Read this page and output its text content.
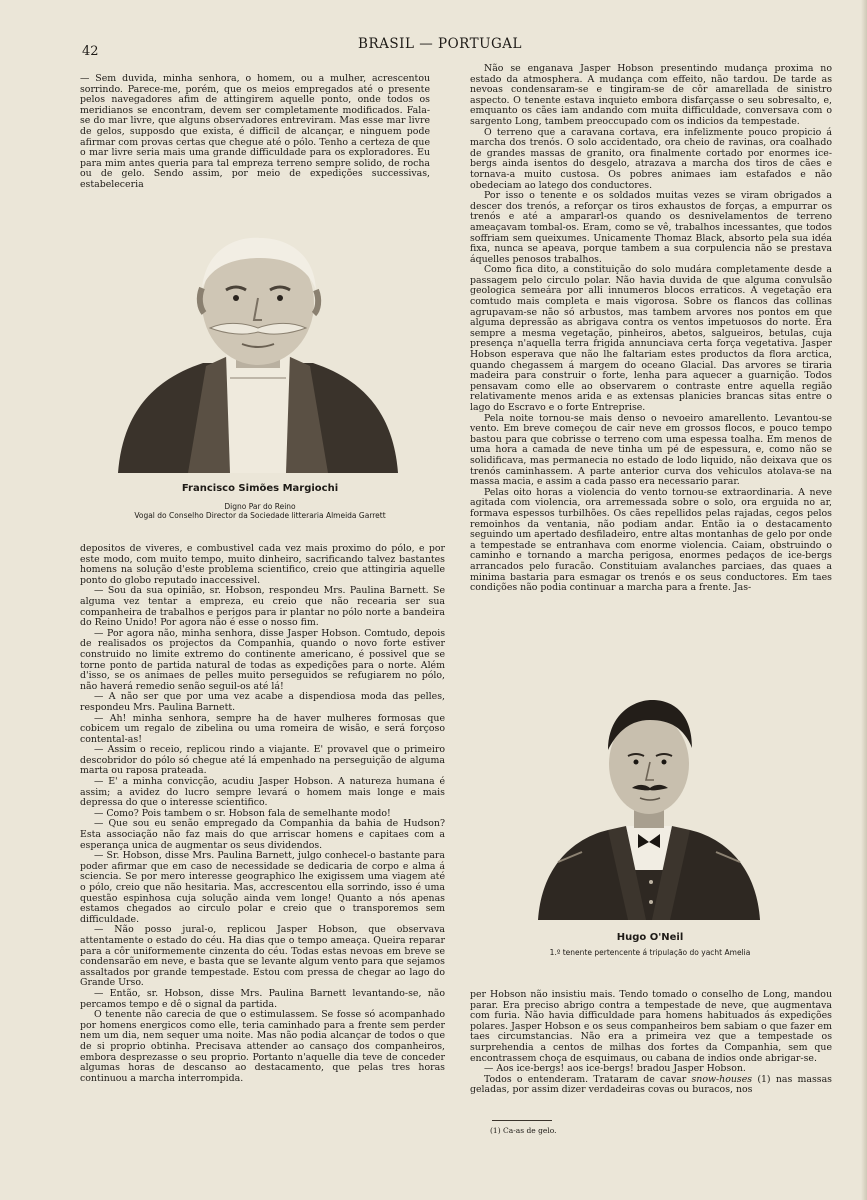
42	BRASIL — PORTUGAL

— Sem duvida, minha senhora, o homem, ou a mulher, acrescentou sorrindo. Parece-me, porém, que os meios empregados até o presente pelos navegadores afim de attingirem aquelle ponto, onde todos os meridianos se encontram, devem ser completamente modificados. Fala-se do mar livre, que alguns observadores entreviram. Mas esse mar livre de gelos, supposdo que exista, é difficil de alcançar, e ninguem pode afirmar com provas certas que chegue até o pólo. Tenho a certeza de que o mar livre seria mais uma grande difficuldade para os exploradores. Eu para mim antes queria para tal empreza terreno sempre solido, de rocha ou de gelo. Sendo assim, por meio de expedições successivas, estabeleceria

Francisco Simões Margiochi
Digno Par do Reino
Vogal do Conselho Director da Sociedade litteraria Almeida Garrett

depositos de viveres, e combustivel cada vez mais proximo do pólo, e por este modo, com muito tempo, muito dinheiro, sacrificando talvez bastantes homens na solução d'este problema scientifico, creio que attingiria aquelle ponto do globo reputado inaccessivel.

— Sou da sua opinião, sr. Hobson, respondeu Mrs. Paulina Barnett. Se alguma vez tentar a empreza, eu creio que não recearia ser sua companheira de trabalhos e perigos para ir plantar no pólo norte a bandeira do Reino Unido! Por agora não é esse o nosso fim.

— Por agora não, minha senhora, disse Jasper Hobson. Comtudo, depois de realisados os projectos da Companhia, quando o novo forte estiver construido no limite extremo do continente americano, é possivel que se torne ponto de partida natural de todas as expedições para o norte. Além d'isso, se os animaes de pelles muito perseguidos se refugiarem no pólo, não haverá remedio senão seguil-os até lá!

— A não ser que por uma vez acabe a dispendiosa moda das pelles, respondeu Mrs. Paulina Barnett.

— Ah! minha senhora, sempre ha de haver mulheres formosas que cobicem um regalo de zibelina ou uma romeira de wisão, e será forçoso contental-as!

— Assim o receio, replicou rindo a viajante. E' provavel que o primeiro descobridor do pólo só chegue até lá empenhado na perseguição de alguma marta ou raposa prateada.

— E' a minha convicção, acudiu Jasper Hobson. A natureza humana é assim; a avidez do lucro sempre levará o homem mais longe e mais depressa do que o interesse scientifico.

— Como? Pois tambem o sr. Hobson fala de semelhante modo!

— Que sou eu senão empregado da Companhia da bahia de Hudson? Esta associação não faz mais do que arriscar homens e capitaes com a esperança unica de augmentar os seus dividendos.

— Sr. Hobson, disse Mrs. Paulina Barnett, julgo conhecel-o bastante para poder afirmar que em caso de necessidade se dedicaria de corpo e alma á sciencia. Se por mero interesse geographico lhe exigissem uma viagem até o pólo, creio que não hesitaria. Mas, accrescentou ella sorrindo, isso é uma questão espinhosa cuja solução ainda vem longe! Quanto a nós apenas estamos chegados ao circulo polar e creio que o transporemos sem difficuldade.

— Não posso jural-o, replicou Jasper Hobson, que observava attentamente o estado do céu. Ha dias que o tempo ameaça. Queira reparar para a côr uniformemente cinzenta do céu. Todas estas nevoas em breve se condensarão em neve, e basta que se levante algum vento para que sejamos assaltados por grande tempestade. Estou com pressa de chegar ao lago do Grande Urso.

— Então, sr. Hobson, disse Mrs. Paulina Barnett levantando-se, não percamos tempo e dê o signal da partida.

O tenente não carecia de que o estimulassem. Se fosse só acompanhado por homens energicos como elle, teria caminhado para a frente sem perder nem um dia, nem sequer uma noite. Mas não podia alcançar de todos o que de si proprio obtinha. Precisava attender ao cansaço dos companheiros, embora desprezasse o seu proprio. Portanto n'aquelle dia teve de conceder algumas horas de descanso ao destacamento, que pelas tres horas continuou a marcha interrompida.

Não se enganava Jasper Hobson presentindo mudança proxima no estado da atmosphera. A mudança com effeito, não tardou. De tarde as nevoas condensaram-se e tingiram-se de côr amarellada de sinistro aspecto. O tenente estava inquieto embora disfarçasse o seu sobresalto, e, emquanto os cães iam andando com muita difficuldade, conversava com o sargento Long, tambem preoccupado com os indicios da tempestade.

O terreno que a caravana cortava, era infelizmente pouco propicio á marcha dos trenós. O solo accidentado, ora cheio de ravinas, ora coalhado de grandes massas de granito, ora finalmente cortado por enormes ice-bergs ainda isentos do desgelo, atrazava a marcha dos tiros de cães e tornava-a muito custosa. Os pobres animaes iam estafados e não obedeciam ao latego dos conductores.

Por isso o tenente e os soldados muitas vezes se viram obrigados a descer dos trenós, a reforçar os tiros exhaustos de forças, a empurrar os trenós e até a ampararl-os quando os desnivelamentos de terreno ameaçavam tombal-os. Eram, como se vê, trabalhos incessantes, que todos soffriam sem queixumes. Unicamente Thomaz Black, absorto pela sua idéa fixa, nunca se apeava, porque tambem a sua corpulencia não se prestava áquelles penosos trabalhos.

Como fica dito, a constituição do solo mudára completamente desde a passagem pelo circulo polar. Não havia duvida de que alguma convulsão geologica semeára por alli innumeros blocos erraticos. A vegetação era comtudo mais completa e mais vigorosa. Sobre os flancos das collinas agrupavam-se não só arbustos, mas tambem arvores nos pontos em que alguma depressão as abrigava contra os ventos impetuosos do norte. Era sempre a mesma vegetação, pinheiros, abetos, salgueiros, betulas, cuja presença n'aquella terra frigida annunciava certa força vegetativa. Jasper Hobson esperava que não lhe faltariam estes productos da flora arctica, quando chegassem á margem do oceano Glacial. Das arvores se tiraria madeira para construir o forte, lenha para aquecer a guarnição. Todos pensavam como elle ao observarem o contraste entre aquella região relativamente menos arida e as extensas planicies brancas sitas entre o lago do Escravo e o forte Entreprise.

Pela noite tornou-se mais denso o nevoeiro amarellento. Levantou-se vento. Em breve começou de cair neve em grossos flocos, e pouco tempo bastou para que cobrisse o terreno com uma espessa toalha. Em menos de uma hora a camada de neve tinha um pé de espessura, e, como não se solidificava, mas permanecia no estado de lodo liquido, não deixava que os trenós caminhassem. A parte anterior curva dos vehiculos atolava-se na massa macia, e assim a cada passo era necessario parar.

Pelas oito horas a violencia do vento tornou-se extraordinaria. A neve agitada com violencia, ora arremessada sobre o solo, ora erguida no ar, formava espessos turbilhões. Os cães repellidos pelas rajadas, cegos pelos remoinhos da ventania, não podiam andar. Então ia o destacamento seguindo um apertado desfiladeiro, entre altas montanhas de gelo por onde a tempestade se entranhava com enorme violencia. Caiam, obstruindo o caminho e tornando a marcha perigosa, enormes pedaços de ice-bergs arrancados pelo furacão. Constituiam avalanches parciaes, das quaes a minima bastaria para esmagar os trenós e os seus conductores. Em taes condições não podia continuar a marcha para a frente. Jas-

Hugo O'Neil
1.º tenente pertencente á tripulação do yacht Amelia

per Hobson não insistiu mais. Tendo tomado o conselho de Long, mandou parar. Era preciso abrigo contra a tempestade de neve, que augmentava com furia. Não havia difficuldade para homens habituados ás expedições polares. Jasper Hobson e os seus companheiros bem sabiam o que fazer em taes circumstancias. Não era a primeira vez que a tempestade os surprehendia a centos de milhas dos fortes da Companhia, sem que encontrassem choça de esquimaus, ou cabana de indios onde abrigar-se.

— Aos ice-bergs! aos ice-bergs! bradou Jasper Hobson.

Todos o entenderam. Trataram de cavar snow-houses (1) nas massas geladas, por assim dizer verdadeiras covas ou buracos, nos

(1) Ca-as de gelo.
